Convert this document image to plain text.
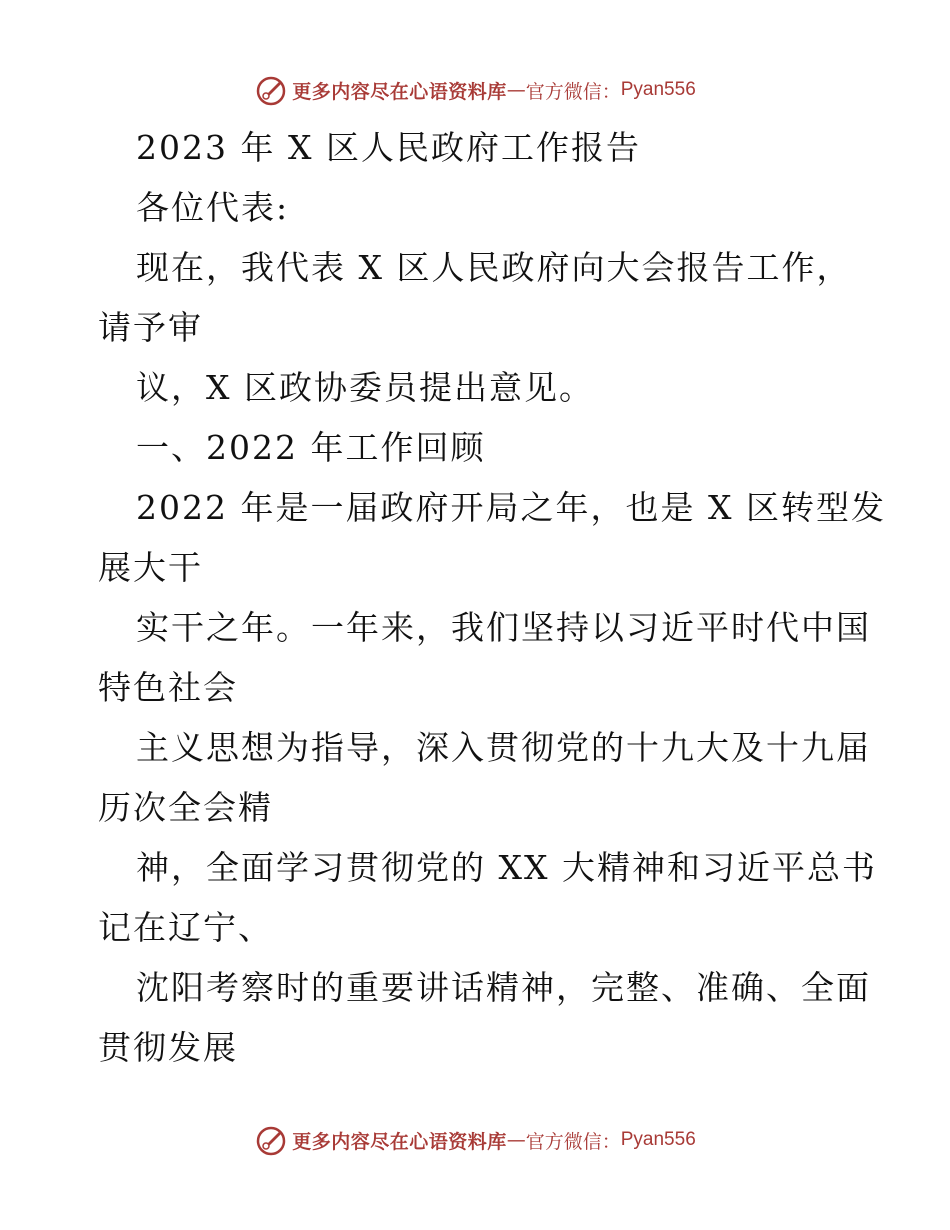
更多内容尽在心语资料库 — 官方微信： Pyan556
2023 年 X 区人民政府工作报告
各位代表:
现在，我代表 X 区人民政府向大会报告工作，
请予审
议，X 区政协委员提出意见。
一、2022 年工作回顾
2022 年是一届政府开局之年，也是 X 区转型发
展大干
实干之年。一年来，我们坚持以习近平时代中国
特色社会
主义思想为指导，深入贯彻党的十九大及十九届
历次全会精
神，全面学习贯彻党的 XX 大精神和习近平总书
记在辽宁、
沈阳考察时的重要讲话精神，完整、准确、全面
贯彻发展
更多内容尽在心语资料库 — 官方微信： Pyan556
